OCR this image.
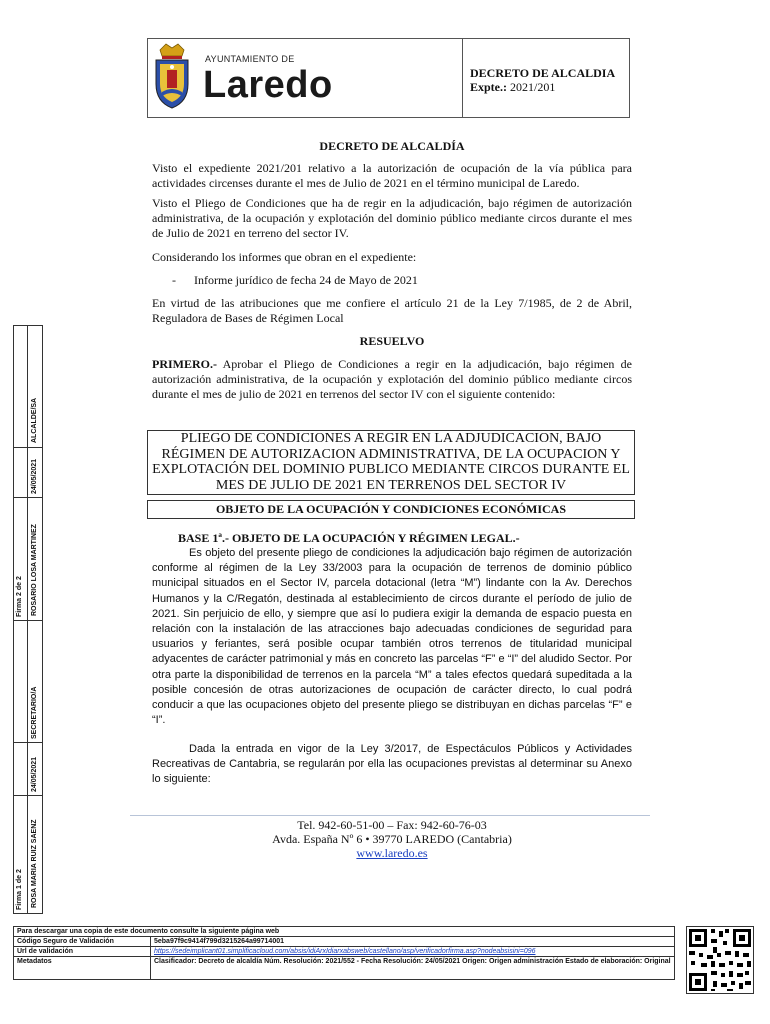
AYUNTAMIENTO DE
Laredo	DECRETO DE ALCALDIA
Expte.: 2021/201
DECRETO DE ALCALDÍA
Visto el expediente 2021/201 relativo a la autorización de ocupación de la vía pública para actividades circenses durante el mes de Julio de 2021 en el término municipal de Laredo.
Visto el Pliego de Condiciones que ha de regir en la adjudicación, bajo régimen de autorización administrativa, de la ocupación y explotación del dominio público mediante circos durante el mes de Julio de 2021 en terreno del sector IV.
Considerando los informes que obran en el expediente:
-	Informe jurídico de fecha 24 de Mayo de 2021
En virtud de las atribuciones que me confiere el artículo 21 de la Ley 7/1985, de 2 de Abril, Reguladora de Bases de Régimen Local
RESUELVO
PRIMERO.- Aprobar el Pliego de Condiciones a regir en la adjudicación, bajo régimen de autorización administrativa, de la ocupación y explotación del dominio público mediante circos durante el mes de julio de 2021 en terrenos del sector IV con el siguiente contenido:
PLIEGO DE CONDICIONES A REGIR EN LA ADJUDICACION, BAJO RÉGIMEN DE AUTORIZACION ADMINISTRATIVA, DE LA OCUPACION Y EXPLOTACIÓN DEL DOMINIO PUBLICO MEDIANTE CIRCOS DURANTE EL MES DE JULIO DE 2021 EN TERRENOS DEL SECTOR IV
OBJETO DE LA OCUPACIÓN Y CONDICIONES ECONÓMICAS
BASE 1ª.- OBJETO DE LA OCUPACIÓN Y RÉGIMEN LEGAL.-
Es objeto del presente pliego de condiciones la adjudicación bajo régimen de autorización conforme al régimen de la Ley 33/2003 para la ocupación de terrenos de dominio público municipal situados en el Sector IV, parcela dotacional (letra “M”) lindante con la Av. Derechos Humanos y la C/Regatón, destinada al establecimiento de circos durante el período de julio de 2021. Sin perjuicio de ello, y siempre que así lo pudiera exigir la demanda de espacio puesta en relación con la instalación de las atracciones bajo adecuadas condiciones de seguridad para usuarios y feriantes, será posible ocupar también otros terrenos de titularidad municipal adyacentes de carácter patrimonial y más en concreto las parcelas “F” e “I” del aludido Sector. Por otra parte la disponibilidad de terrenos en la parcela “M” a tales efectos quedará supeditada a la posible concesión de otras autorizaciones de ocupación de carácter directo, lo cual podrá conducir a que las ocupaciones objeto del presente pliego se distribuyan en dichas parcelas “F” e “I”.
Dada la entrada en vigor de la Ley 3/2017, de Espectáculos Públicos y Actividades Recreativas de Cantabria, se regularán por ella las ocupaciones previstas al determinar su Anexo lo siguiente:
Tel. 942-60-51-00 – Fax: 942-60-76-03
Avda. España Nº 6 • 39770 LAREDO (Cantabria)
www.laredo.es
Firma 2 de 2
ALCALDE/SA
24/05/2021
ROSARIO LOSA MARTINEZ
Firma 1 de 2
SECRETARIO/A
24/05/2021
ROSA MARIA RUIZ SAENZ
Para descargar una copia de este documento consulte la siguiente página web	
Código Seguro de Validación	5eba97f9c9414f799d3215264a99714001
Url de validación	https://sedeimplicant01.simplificacloud.com/absis/idiArxIdiarxabsweb/castellano/asp/verificadorfirma.asp?nodeabsisini=096
Metadatos	Clasificador: Decreto de alcaldía Núm. Resolución: 2021/552 - Fecha Resolución: 24/05/2021 Origen: Origen administración Estado de elaboración: Original
